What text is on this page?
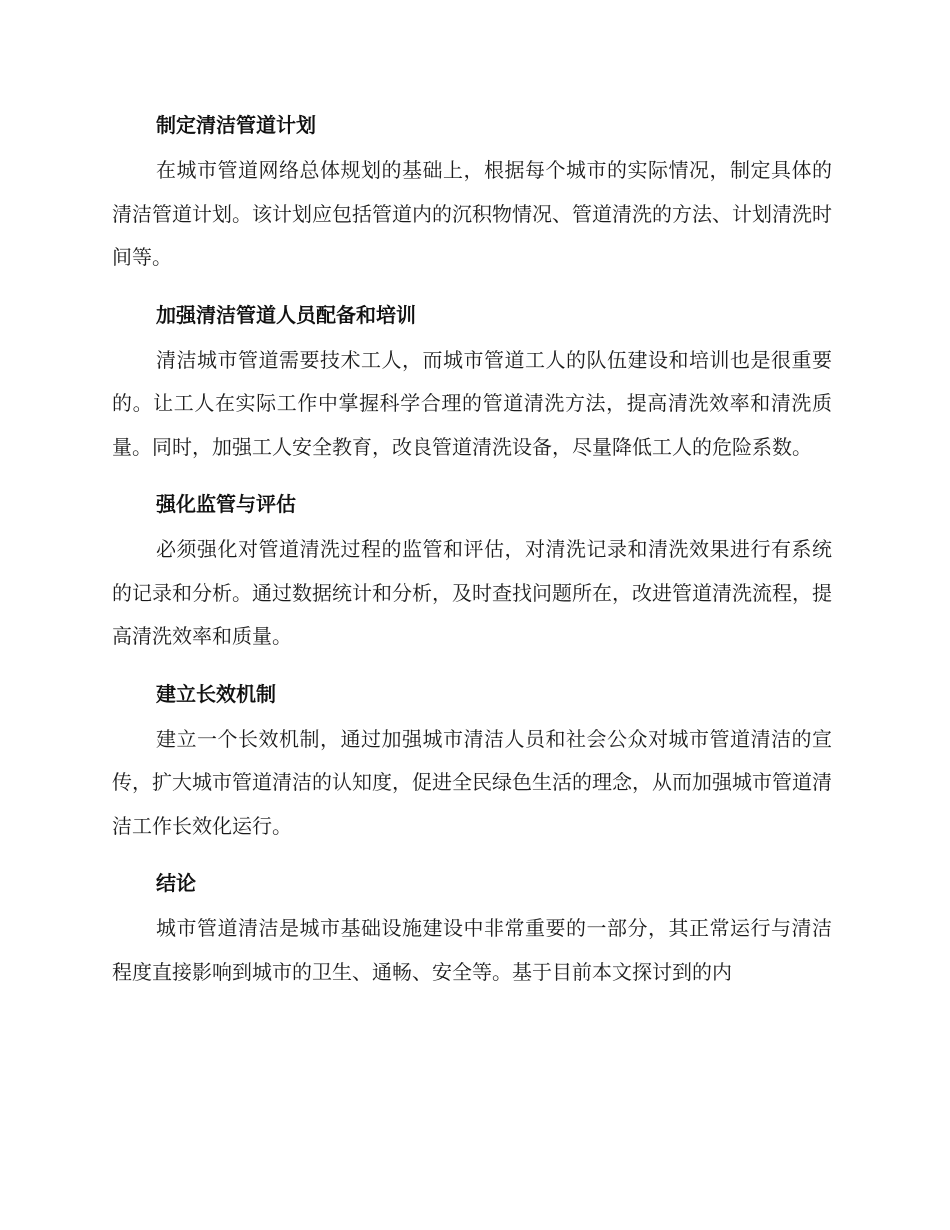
制定清洁管道计划

在城市管道网络总体规划的基础上，根据每个城市的实际情况，制定具体的清洁管道计划。该计划应包括管道内的沉积物情况、管道清洗的方法、计划清洗时间等。

加强清洁管道人员配备和培训

清洁城市管道需要技术工人，而城市管道工人的队伍建设和培训也是很重要的。让工人在实际工作中掌握科学合理的管道清洗方法，提高清洗效率和清洗质量。同时，加强工人安全教育，改良管道清洗设备，尽量降低工人的危险系数。

强化监管与评估

必须强化对管道清洗过程的监管和评估，对清洗记录和清洗效果进行有系统的记录和分析。通过数据统计和分析，及时查找问题所在，改进管道清洗流程，提高清洗效率和质量。

建立长效机制

建立一个长效机制，通过加强城市清洁人员和社会公众对城市管道清洁的宣传，扩大城市管道清洁的认知度，促进全民绿色生活的理念，从而加强城市管道清洁工作长效化运行。

结论

城市管道清洁是城市基础设施建设中非常重要的一部分，其正常运行与清洁程度直接影响到城市的卫生、通畅、安全等。基于目前本文探讨到的内
